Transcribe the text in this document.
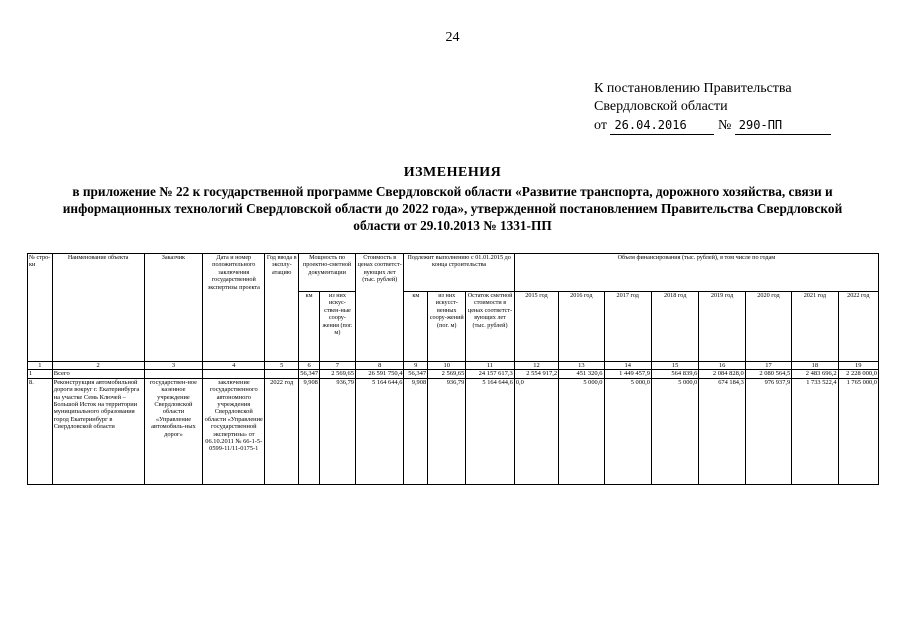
24
К постановлению Правительства
Свердловской области
от 26.04.2016 № 290-ПП
ИЗМЕНЕНИЯ
в приложение № 22 к государственной программе Свердловской области «Развитие транспорта, дорожного хозяйства, связи и информационных технологий Свердловской области до 2022 года», утвержденной постановлением Правительства Свердловской области от 29.10.2013 № 1331-ПП
№ стро-ки	Наименование объекта	Заказчик	Дата и номер положительного заключения государственной экспертизы проекта	Год ввода в эксплу-атацию	Мощность по проектно-сметной документации		Стоимость в ценах соответст-вующих лет (тыс. рублей)	Подлежит выполнению с 01.01.2015 до конца строительства			Объем финансирования (тыс. рублей), в том числе по годам							
					км	из них искус-ствен-ные соору-жения (пог. м)		км	из них искусст-венных соору-жений (пог. м)	Остаток сметной стоимости в ценах соответст-вующих лет (тыс. рублей)	2015 год	2016 год	2017 год	2018 год	2019 год	2020 год	2021 год	2022 год
1	2	3	4	5	6	7	8	9	10	11	12	13	14	15	16	17	18	19
1	Всего				56,347	2 569,65	26 591 750,4	56,347	2 569,65	24 157 617,3	2 554 917,2	451 320,6	1 449 457,9	564 839,6	2 084 828,0	2 080 564,5	2 483 696,2	2 228 000,0
8.	Реконструкция автомобильной дороги вокруг г. Екатеринбурга на участке Семь Ключей – Большой Исток на территории муниципального образования город Екатеринбург в Свердловской области	государствен-ное казенное учреждение Свердловской области «Управление автомобиль-ных дорог»	заключение государственного автономного учреждения Свердловской области «Управление государственной экспертизы» от 06.10.2011 № 66-1-5-0599-11/11-0175-1	2022 год	9,908	936,79	5 164 644,6	9,908	936,79	5 164 644,6	0,0	5 000,0	5 000,0	5 000,0	674 184,3	976 937,9	1 733 522,4	1 765 000,0
